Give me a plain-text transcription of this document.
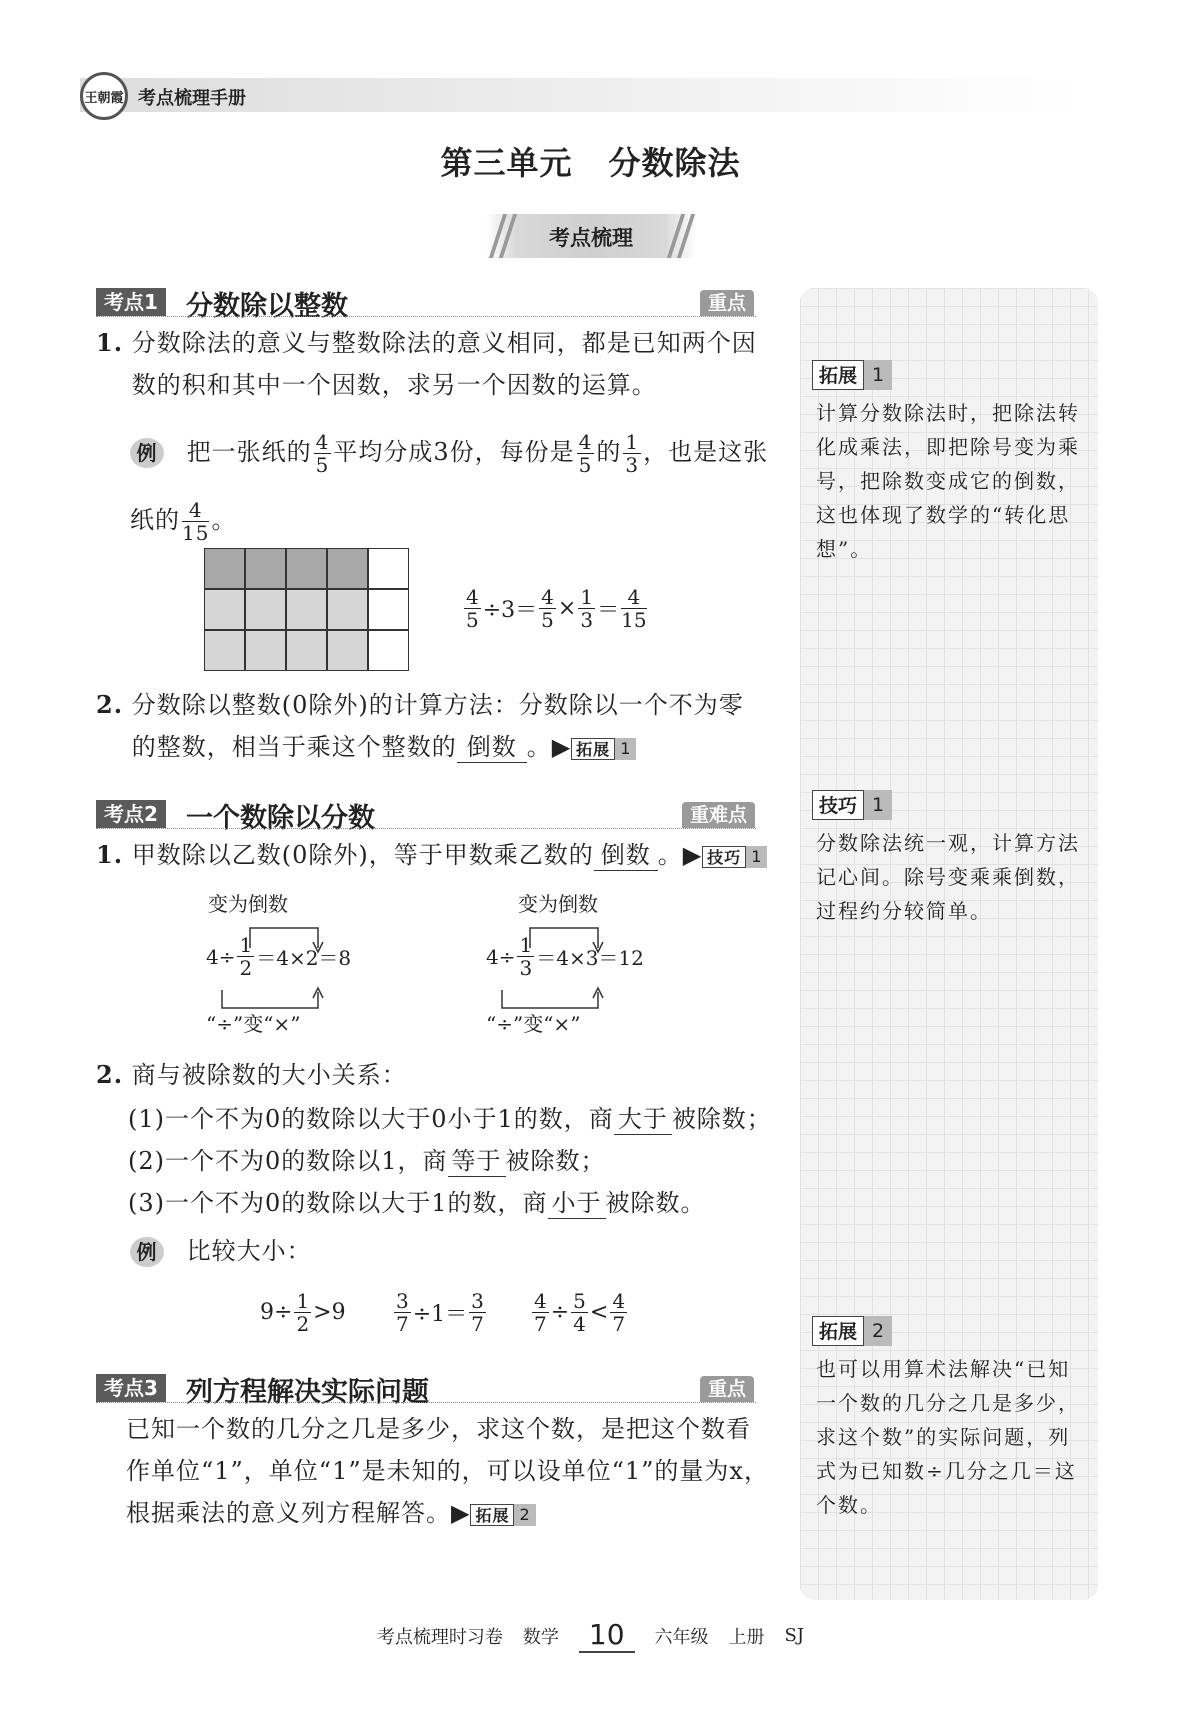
王朝霞 考点梳理手册
第三单元 分数除法
考点梳理
拓展 1
计算分数除法时，把除法转化成乘法，即把除号变为乘号，把除数变成它的倒数，这也体现了数学的“转化思想”。
技巧 1
分数除法统一观，计算方法记心间。除号变乘乘倒数，过程约分较简单。
拓展 2
也可以用算术法解决“已知一个数的几分之几是多少，求这个数”的实际问题，列式为已知数÷几分之几＝这个数。
考点1 分数除以整数	重点
1. 分数除法的意义与整数除法的意义相同，都是已知两个因数的积和其中一个因数，求另一个因数的运算。
例 把一张纸的 $\frac{4}{5}$ 平均分成3份，每份是 $\frac{4}{5}$ 的 $\frac{1}{3}$ ，也是这张纸的 $\frac{4}{15}$ 。
$\frac{4}{5} \div 3= \frac{4}{5} \times \frac{1}{3} = \frac{4}{15}$
2. 分数除以整数(0除外)的计算方法：分数除以一个不为零的整数，相当于乘这个整数的 倒数 。▶ 拓展 1
考点2 一个数除以分数	重难点
1. 甲数除以乙数(0除外)，等于甲数乘乙数的 倒数 。▶ 技巧 1
变为倒数
$4\div \frac{1}{2} =4\times 2=8$
“÷”变“×”
变为倒数
$4\div \frac{1}{3} =4\times 3=12$
“÷”变“×”
2. 商与被除数的大小关系：
(1)一个不为0的数除以大于0小于1的数，商 大于 被除数；
(2)一个不为0的数除以1，商 等于 被除数；
(3)一个不为0的数除以大于1的数，商 小于 被除数。
例 比较大小：
$9\div \frac{1}{2} >9 \frac{3}{7} \div 1= \frac{3}{7} \frac{4}{7} \div \frac{5}{4} < \frac{4}{7}$
考点3 列方程解决实际问题	重点
已知一个数的几分之几是多少，求这个数，是把这个数看作单位“1”，单位“1”是未知的，可以设单位“1”的量为x，根据乘法的意义列方程解答。▶ 拓展 2
考点梳理时习卷 数学	10	六年级 上册 SJ
